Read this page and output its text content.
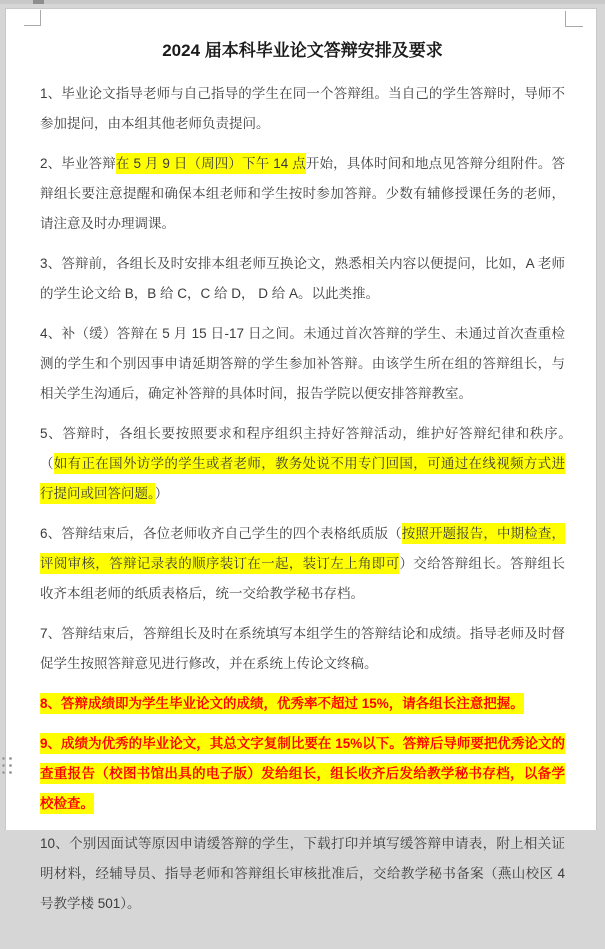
2024 届本科毕业论文答辩安排及要求

1、毕业论文指导老师与自己指导的学生在同一个答辩组。当自己的学生答辩时，导师不参加提问，由本组其他老师负责提问。

2、毕业答辩在 5 月 9 日（周四）下午 14 点开始，具体时间和地点见答辩分组附件。答辩组长要注意提醒和确保本组老师和学生按时参加答辩。少数有辅修授课任务的老师，请注意及时办理调课。

3、答辩前，各组长及时安排本组老师互换论文，熟悉相关内容以便提问，比如，A 老师的学生论文给 B，B 给 C，C 给 D， D 给 A。以此类推。

4、补（缓）答辩在 5 月 15 日-17 日之间。未通过首次答辩的学生、未通过首次查重检测的学生和个别因事申请延期答辩的学生参加补答辩。由该学生所在组的答辩组长，与相关学生沟通后，确定补答辩的具体时间，报告学院以便安排答辩教室。

5、答辩时，各组长要按照要求和程序组织主持好答辩活动，维护好答辩纪律和秩序。　（如有正在国外访学的学生或者老师，教务处说不用专门回国，可通过在线视频方式进行提问或回答问题。）

6、答辩结束后，各位老师收齐自己学生的四个表格纸质版（按照开题报告，中期检查，评阅审核，答辩记录表的顺序装订在一起，装订左上角即可）交给答辩组长。答辩组长收齐本组老师的纸质表格后，统一交给教学秘书存档。

7、答辩结束后，答辩组长及时在系统填写本组学生的答辩结论和成绩。指导老师及时督促学生按照答辩意见进行修改，并在系统上传论文终稿。

8、答辩成绩即为学生毕业论文的成绩，优秀率不超过 15%，请各组长注意把握。

9、成绩为优秀的毕业论文，其总文字复制比要在 15%以下。答辩后导师要把优秀论文的查重报告（校图书馆出具的电子版）发给组长，组长收齐后发给教学秘书存档，以备学校检查。

10、个别因面试等原因申请缓答辩的学生，下载打印并填写缓答辩申请表，附上相关证明材料，经辅导员、指导老师和答辩组长审核批准后，交给教学秘书备案（燕山校区 4 号教学楼 501）。
